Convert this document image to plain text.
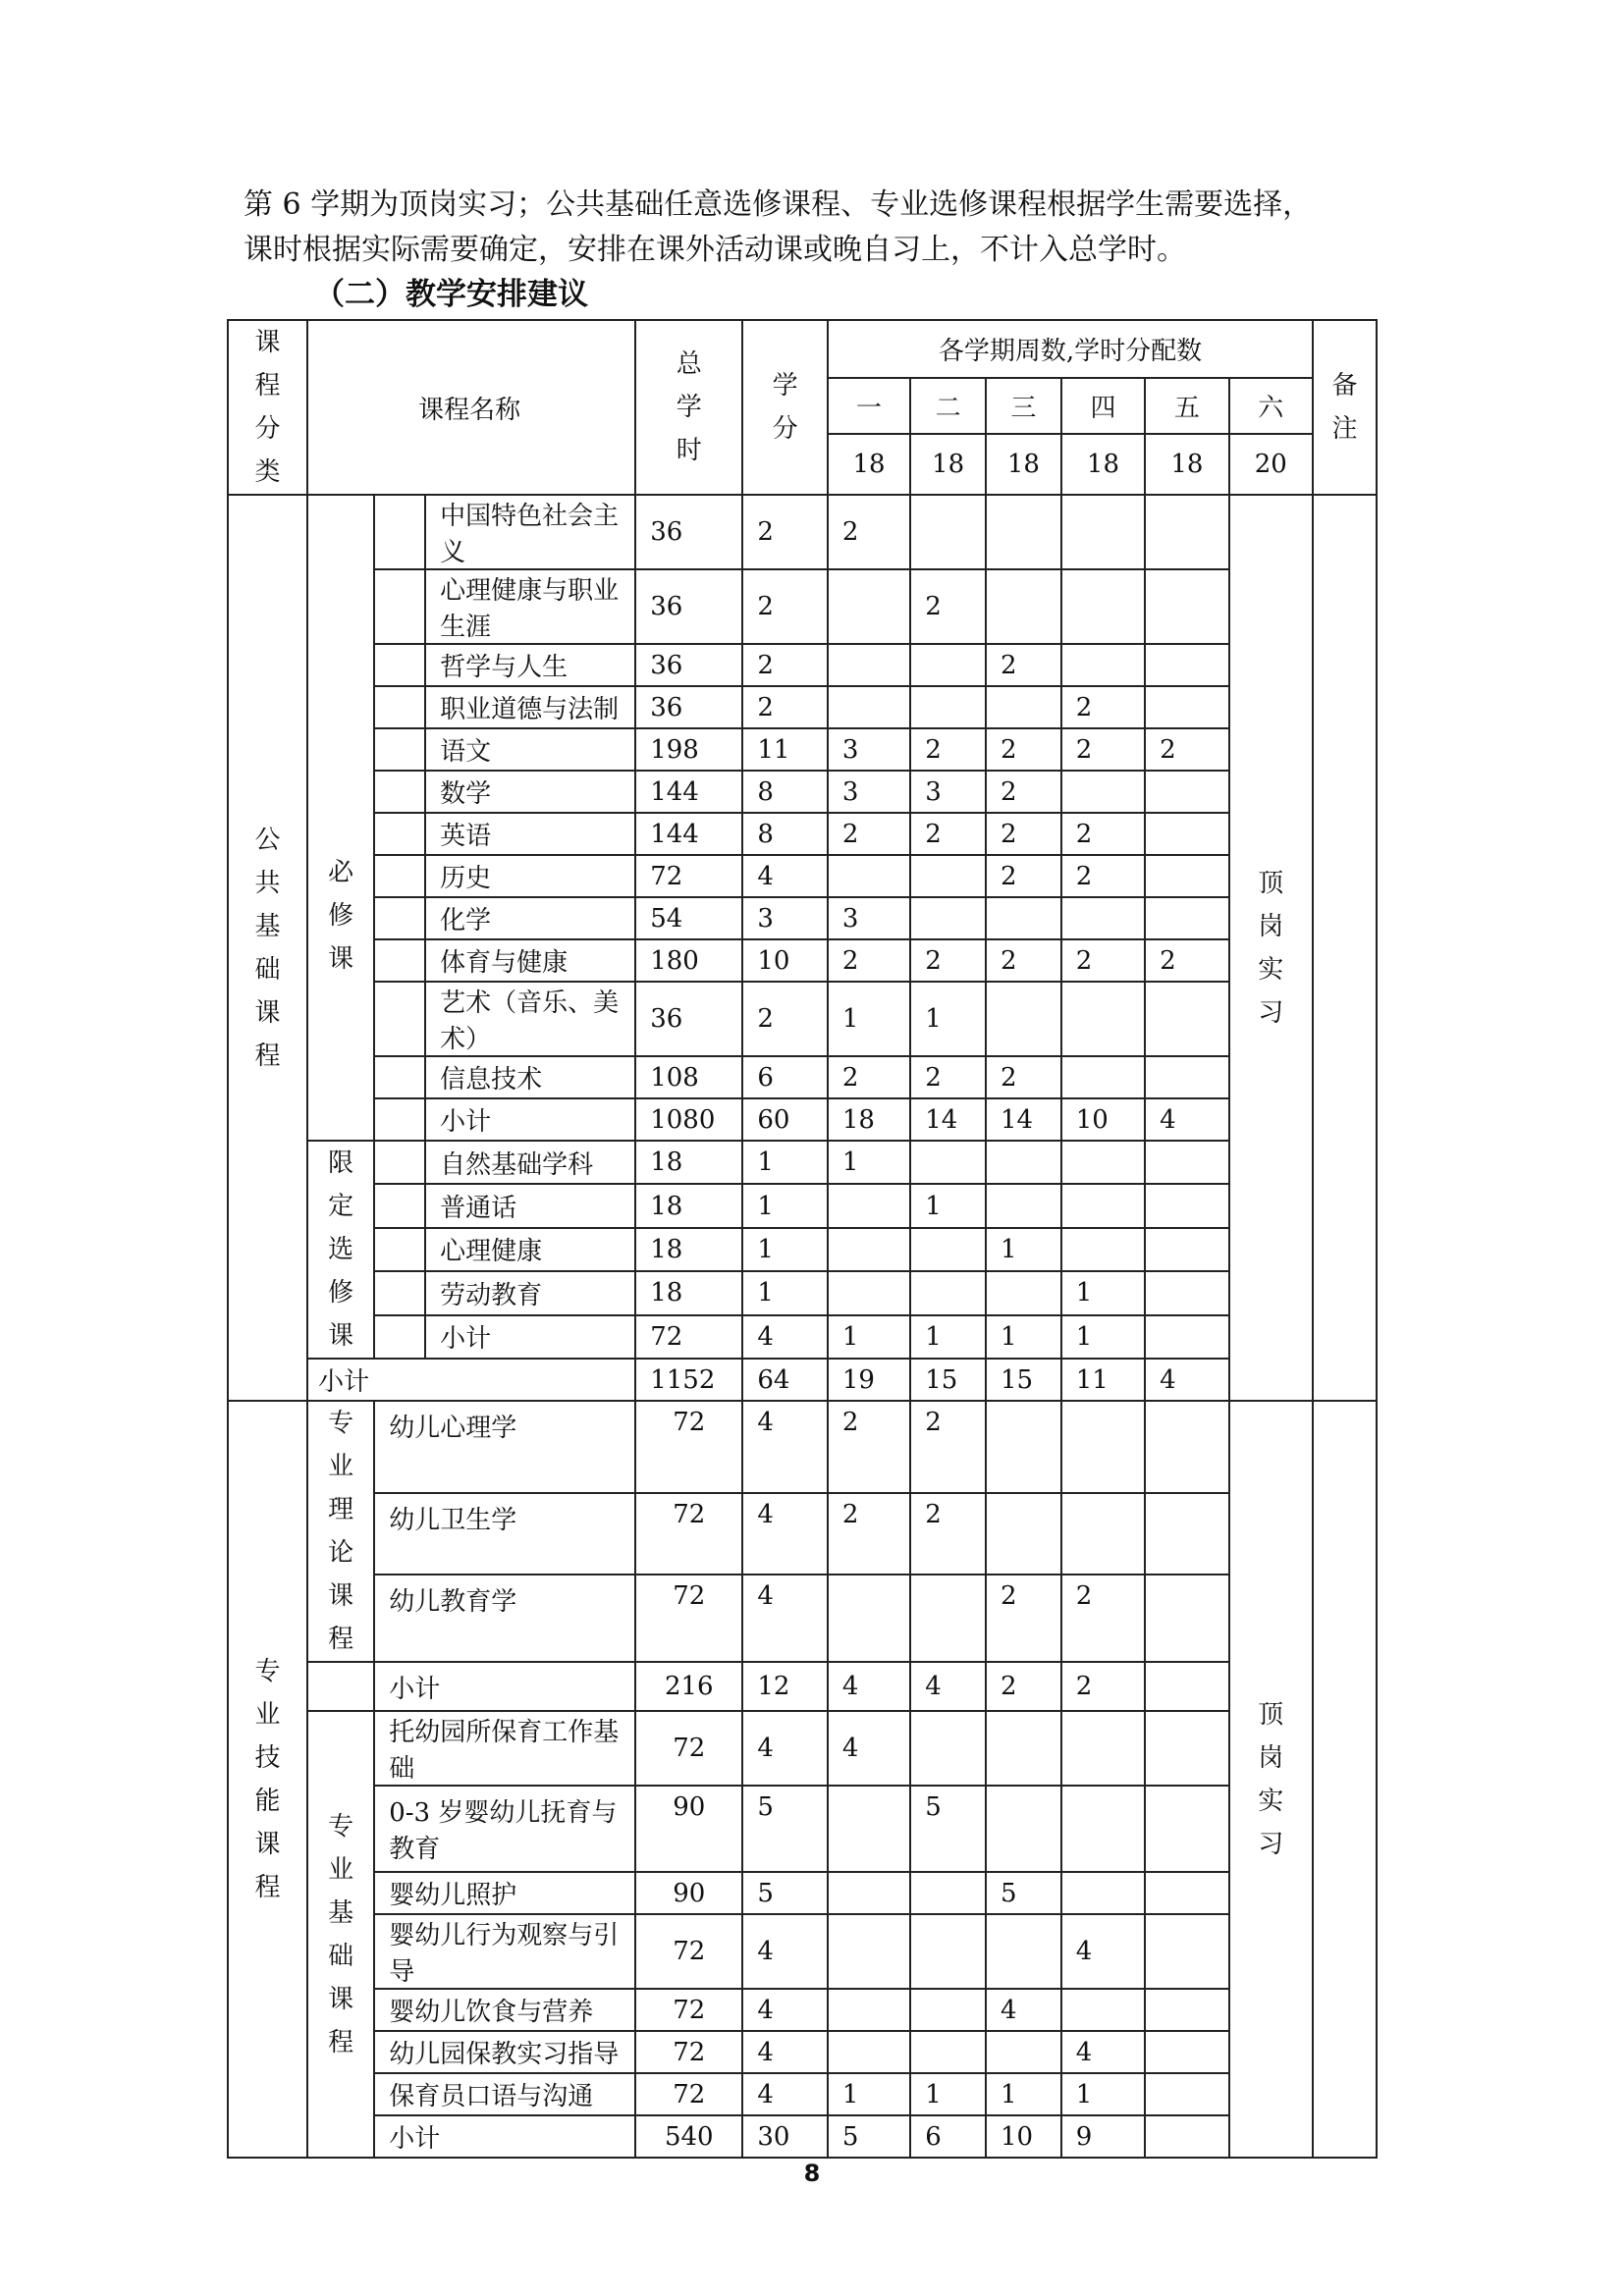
第 6 学期为顶岗实习；公共基础任意选修课程、专业选修课程根据学生需要选择，

课时根据实际需要确定，安排在课外活动课或晚自习上，不计入总学时。

（二）教学安排建议
课程分类	课程名称			总学时	学分	各学期周数,学时分配数						备注
						一	二	三	四	五	六	
						18	18	18	18	18	20	
公共基础课程	必修课		中国特色社会主义	36	2	2					顶岗实习	
			心理健康与职业生涯	36	2		2					
			哲学与人生	36	2			2				
			职业道德与法制	36	2				2			
			语文	198	11	3	2	2	2	2		
			数学	144	8	3	3	2				
			英语	144	8	2	2	2	2			
			历史	72	4			2	2			
			化学	54	3	3						
			体育与健康	180	10	2	2	2	2	2		
			艺术（音乐、美术）	36	2	1	1					
			信息技术	108	6	2	2	2				
			小计	1080	60	18	14	14	10	4		
	限定选修课		自然基础学科	18	1	1						
			普通话	18	1		1					
			心理健康	18	1			1				
			劳动教育	18	1				1			
			小计	72	4	1	1	1	1			
	小计			1152	64	19	15	15	11	4		
专业技能课程	专业理论课程	幼儿心理学		72	4	2	2				顶岗实习	
		幼儿卫生学		72	4	2	2					
		幼儿教育学		72	4			2	2			
		小计		216	12	4	4	2	2			
	专业基础课程	托幼园所保育工作基础		72	4	4						
		0-3 岁婴幼儿抚育与教育		90	5		5					
		婴幼儿照护		90	5			5				
		婴幼儿行为观察与引导		72	4				4			
		婴幼儿饮食与营养		72	4			4				
		幼儿园保教实习指导		72	4				4			
		保育员口语与沟通		72	4	1	1	1	1			
		小计		540	30	5	6	10	9			
8
